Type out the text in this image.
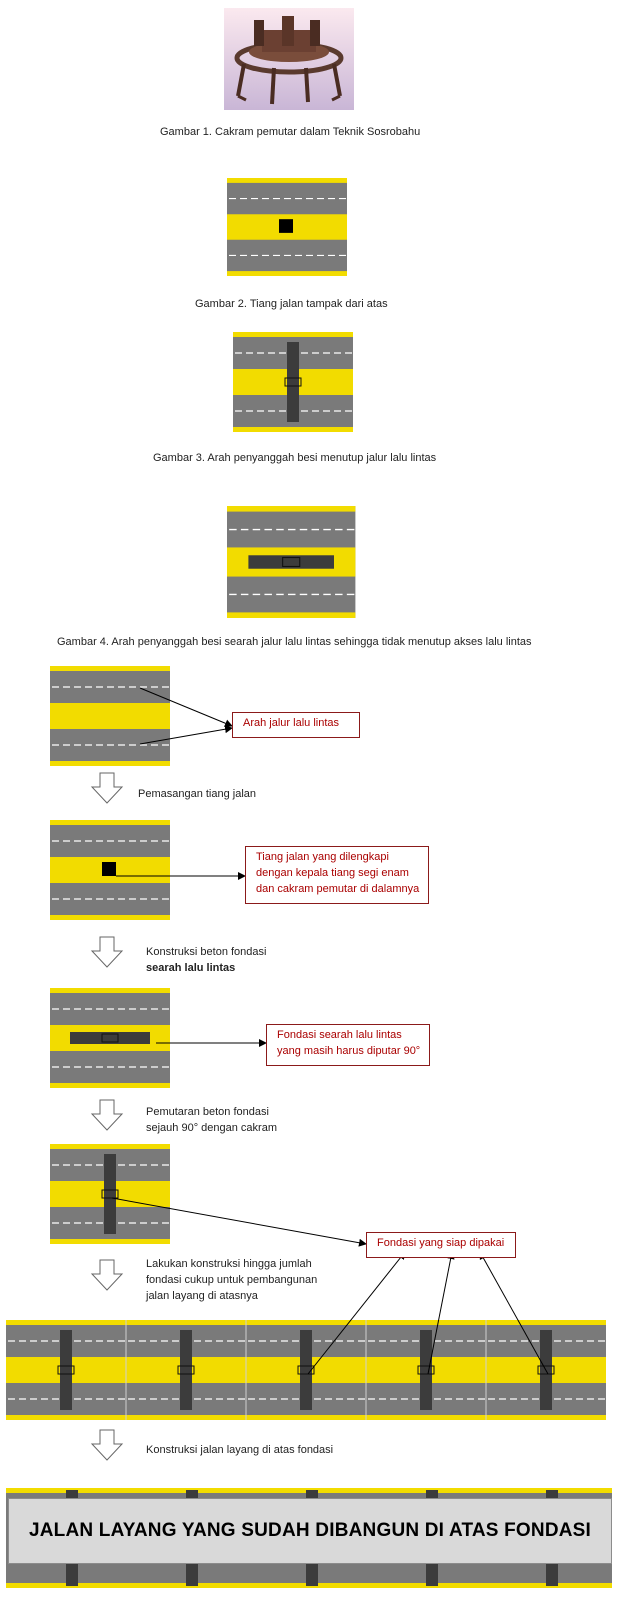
Gambar 1. Cakram pemutar dalam Teknik Sosrobahu
Gambar 2. Tiang jalan tampak dari atas
Gambar 3. Arah penyanggah besi menutup jalur lalu lintas
Gambar 4. Arah penyanggah besi searah jalur lalu lintas sehingga tidak menutup akses lalu lintas
Pemasangan tiang jalan
Konstruksi beton fondasi
searah lalu lintas
Pemutaran beton fondasi
sejauh 90° dengan cakram
Lakukan konstruksi hingga jumlah
fondasi cukup untuk pembangunan
jalan layang di atasnya
Konstruksi jalan layang di atas fondasi
Arah jalur lalu lintas
Tiang jalan yang dilengkapi
dengan kepala tiang segi enam
dan cakram pemutar di dalamnya
Fondasi searah lalu lintas
yang masih harus diputar 90°
Fondasi yang siap dipakai
JALAN LAYANG YANG SUDAH DIBANGUN DI ATAS FONDASI
